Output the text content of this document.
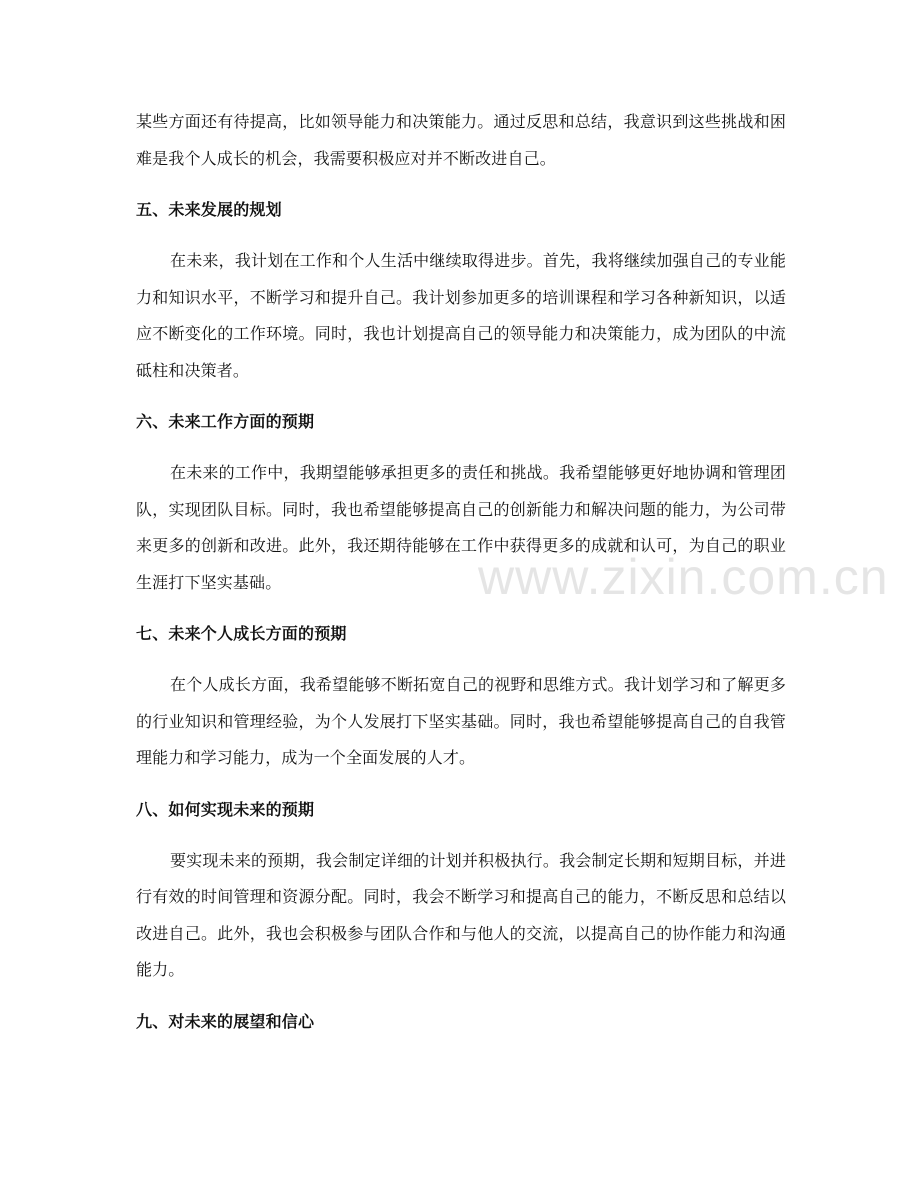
某些方面还有待提高，比如领导能力和决策能力。通过反思和总结，我意识到这些挑战和困难是我个人成长的机会，我需要积极应对并不断改进自己。

五、未来发展的规划

在未来，我计划在工作和个人生活中继续取得进步。首先，我将继续加强自己的专业能力和知识水平，不断学习和提升自己。我计划参加更多的培训课程和学习各种新知识，以适应不断变化的工作环境。同时，我也计划提高自己的领导能力和决策能力，成为团队的中流砥柱和决策者。

六、未来工作方面的预期

在未来的工作中，我期望能够承担更多的责任和挑战。我希望能够更好地协调和管理团队，实现团队目标。同时，我也希望能够提高自己的创新能力和解决问题的能力，为公司带来更多的创新和改进。此外，我还期待能够在工作中获得更多的成就和认可，为自己的职业生涯打下坚实基础。

七、未来个人成长方面的预期

在个人成长方面，我希望能够不断拓宽自己的视野和思维方式。我计划学习和了解更多的行业知识和管理经验，为个人发展打下坚实基础。同时，我也希望能够提高自己的自我管理能力和学习能力，成为一个全面发展的人才。

八、如何实现未来的预期

要实现未来的预期，我会制定详细的计划并积极执行。我会制定长期和短期目标，并进行有效的时间管理和资源分配。同时，我会不断学习和提高自己的能力，不断反思和总结以改进自己。此外，我也会积极参与团队合作和与他人的交流，以提高自己的协作能力和沟通能力。

九、对未来的展望和信心
www.zixin.com.cn
